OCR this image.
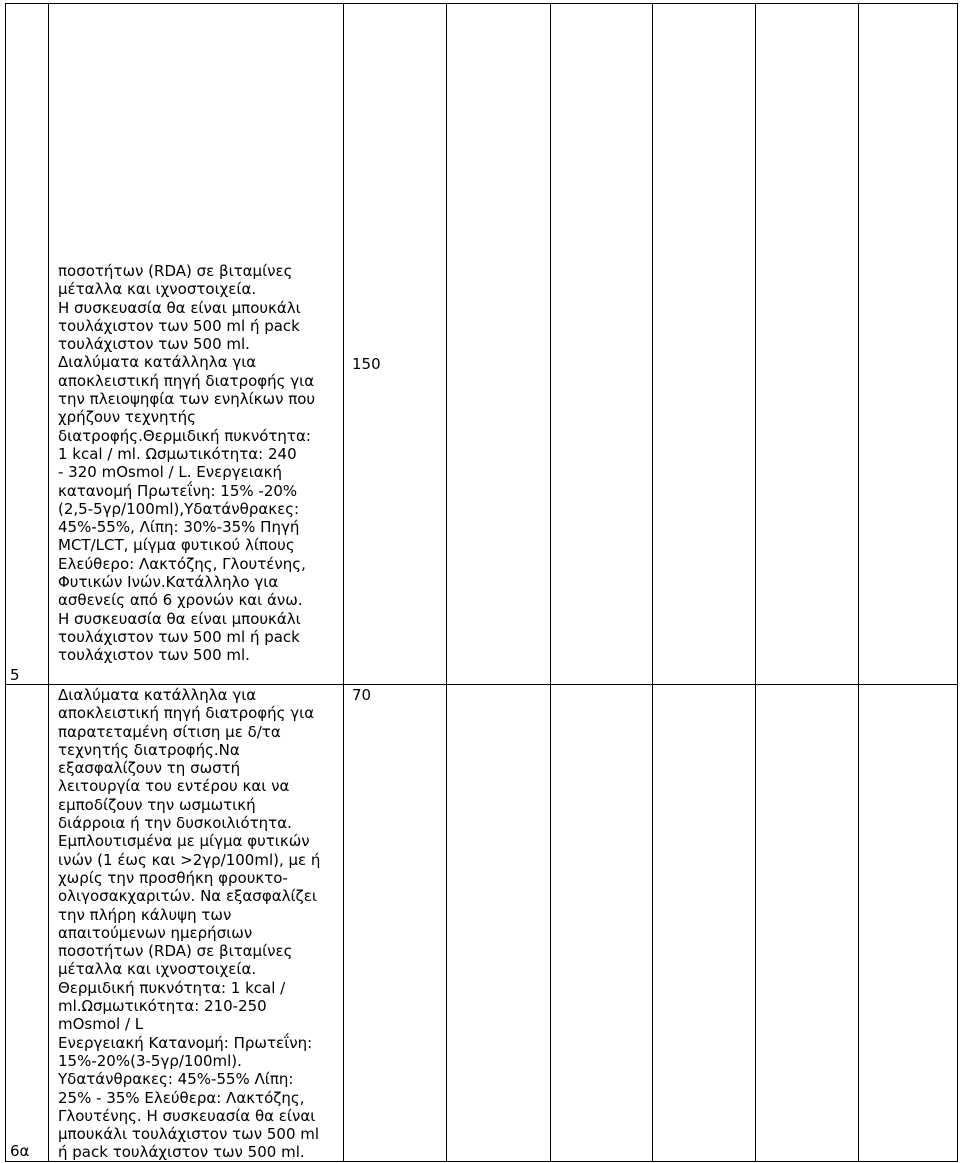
5
ποσοτήτων (RDA) σε βιταμίνες
μέταλλα και ιχνοστοιχεία.
Η συσκευασία θα είναι μπουκάλι
τουλάχιστον των 500 ml ή pack
τουλάχιστον των 500 ml.
Διαλύματα κατάλληλα για
αποκλειστική πηγή διατροφής για
την πλειοψηφία των ενηλίκων που
χρήζουν τεχνητής
διατροφής.Θερμιδική πυκνότητα:
1 kcal / ml. Ωσμωτικότητα: 240
- 320 mOsmol / L. Ενεργειακή
κατανομή Πρωτεΐνη: 15% -20%
(2,5-5γρ/100ml),Υδατάνθρακες:
45%-55%, Λίπη: 30%-35% Πηγή
MCT/LCT, μίγμα φυτικού λίπους
Ελεύθερο: Λακτόζης, Γλουτένης,
Φυτικών Ινών.Κατάλληλο για
ασθενείς από 6 χρονών και άνω.
Η συσκευασία θα είναι μπουκάλι
τουλάχιστον των 500 ml ή pack
τουλάχιστον των 500 ml.
150
6α
Διαλύματα κατάλληλα για
αποκλειστική πηγή διατροφής για
παρατεταμένη σίτιση με δ/τα
τεχνητής διατροφής.Να
εξασφαλίζουν τη σωστή
λειτουργία του εντέρου και να
εμποδίζουν την ωσμωτική
διάρροια ή την δυσκοιλιότητα.
Εμπλουτισμένα με μίγμα φυτικών
ινών (1 έως και >2γρ/100ml), με ή
χωρίς την προσθήκη φρουκτο-
ολιγοσακχαριτών. Να εξασφαλίζει
την πλήρη κάλυψη των
απαιτούμενων ημερήσιων
ποσοτήτων (RDA) σε βιταμίνες
μέταλλα και ιχνοστοιχεία.
Θερμιδική πυκνότητα: 1 kcal /
ml.Ωσμωτικότητα: 210-250
mOsmol / L
Ενεργειακή Κατανομή: Πρωτεΐνη:
15%-20%(3-5γρ/100ml).
Υδατάνθρακες: 45%-55% Λίπη:
25% - 35% Ελεύθερα: Λακτόζης,
Γλουτένης. Η συσκευασία θα είναι
μπουκάλι τουλάχιστον των 500 ml
ή pack τουλάχιστον των 500 ml.
70
